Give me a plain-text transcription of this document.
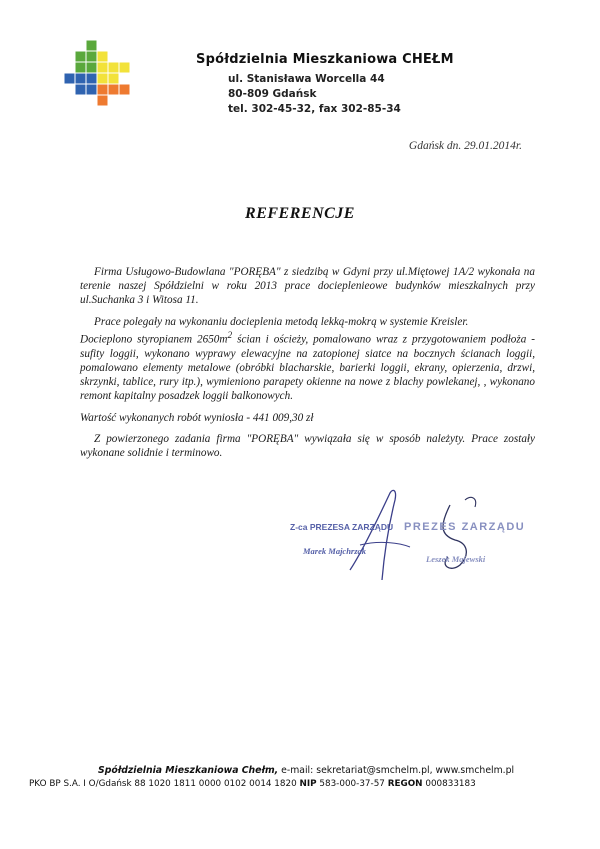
Spółdzielnia Mieszkaniowa CHEŁM
ul. Stanisława Worcella 44
80-809 Gdańsk
tel. 302-45-32, fax 302-85-34
Gdańsk dn. 29.01.2014r.
REFERENCJE

Firma Usługowo-Budowlana "PORĘBA" z siedzibą w Gdyni przy ul.Miętowej 1A/2 wykonała na terenie naszej Spółdzielni w roku 2013 prace docieplenieowe budynków mieszkalnych przy ul.Suchanka 3 i Witosa 11.

Prace polegały na wykonaniu docieplenia metodą lekką-mokrą w systemie Kreisler.

Docieplono styropianem $2650m^2$ ścian i ościeży, pomalowano wraz z przygotowaniem podłoża - sufity loggii, wykonano wyprawy elewacyjne na zatopionej siatce na bocznych ścianach loggii, pomalowano elementy metalowe (obróbki blacharskie, barierki loggii, ekrany, opierzenia, drzwi, skrzynki, tablice, rury itp.), wymieniono parapety okienne na nowe z blachy powlekanej, , wykonano remont kapitalny posadzek loggii balkonowych.

Wartość wykonanych robót wyniosła - 441 009,30 zł

Z powierzonego zadania firma "PORĘBA" wywiązała się w sposób należyty. Prace zostały wykonane solidnie i terminowo.

Z-ca PREZESA ZARZĄDU
Marek Majchrzak
PREZES ZARZĄDU
Leszek Majewski
Spółdzielnia Mieszkaniowa Chełm, e-mail: sekretariat@smchelm.pl, www.smchelm.pl
PKO BP S.A. I O/Gdańsk 88 1020 1811 0000 0102 0014 1820 NIP 583-000-37-57 REGON 000833183
